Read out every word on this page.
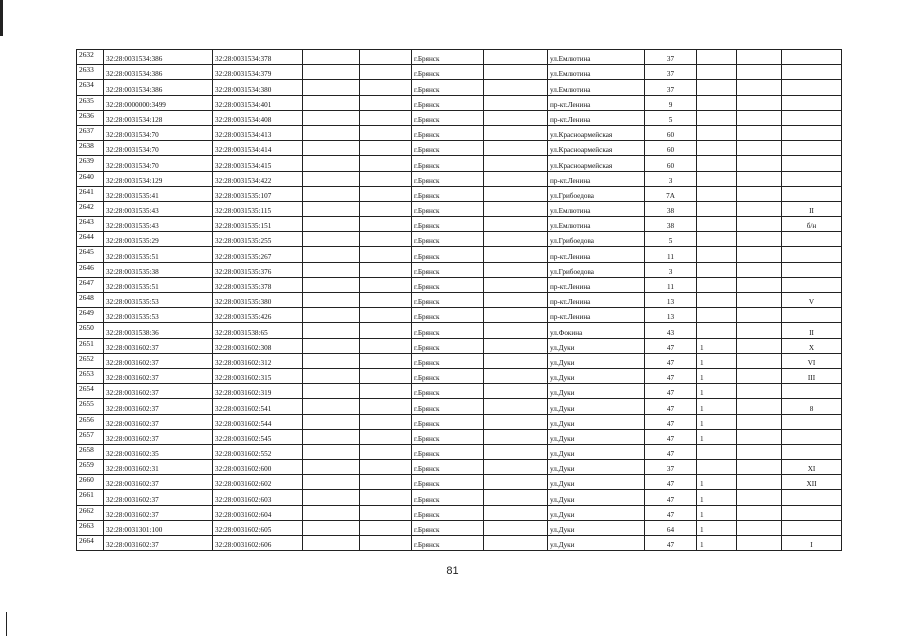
2632	32:28:0031534:386	32:28:0031534:378			г.Брянск		ул.Емлютина	37			
2633	32:28:0031534:386	32:28:0031534:379			г.Брянск		ул.Емлютина	37			
2634	32:28:0031534:386	32:28:0031534:380			г.Брянск		ул.Емлютина	37			
2635	32:28:0000000:3499	32:28:0031534:401			г.Брянск		пр-кт.Ленина	9			
2636	32:28:0031534:128	32:28:0031534:408			г.Брянск		пр-кт.Ленина	5			
2637	32:28:0031534:70	32:28:0031534:413			г.Брянск		ул.Красноармейская	60			
2638	32:28:0031534:70	32:28:0031534:414			г.Брянск		ул.Красноармейская	60			
2639	32:28:0031534:70	32:28:0031534:415			г.Брянск		ул.Красноармейская	60			
2640	32:28:0031534:129	32:28:0031534:422			г.Брянск		пр-кт.Ленина	3			
2641	32:28:0031535:41	32:28:0031535:107			г.Брянск		ул.Грибоедова	7А			
2642	32:28:0031535:43	32:28:0031535:115			г.Брянск		ул.Емлютина	38			II
2643	32:28:0031535:43	32:28:0031535:151			г.Брянск		ул.Емлютина	38			б/н
2644	32:28:0031535:29	32:28:0031535:255			г.Брянск		ул.Грибоедова	5			
2645	32:28:0031535:51	32:28:0031535:267			г.Брянск		пр-кт.Ленина	11			
2646	32:28:0031535:38	32:28:0031535:376			г.Брянск		ул.Грибоедова	3			
2647	32:28:0031535:51	32:28:0031535:378			г.Брянск		пр-кт.Ленина	11			
2648	32:28:0031535:53	32:28:0031535:380			г.Брянск		пр-кт.Ленина	13			V
2649	32:28:0031535:53	32:28:0031535:426			г.Брянск		пр-кт.Ленина	13			
2650	32:28:0031538:36	32:28:0031538:65			г.Брянск		ул.Фокина	43			II
2651	32:28:0031602:37	32:28:0031602:308			г.Брянск		ул.Дуки	47	1		X
2652	32:28:0031602:37	32:28:0031602:312			г.Брянск		ул.Дуки	47	1		VI
2653	32:28:0031602:37	32:28:0031602:315			г.Брянск		ул.Дуки	47	1		III
2654	32:28:0031602:37	32:28:0031602:319			г.Брянск		ул.Дуки	47	1		
2655	32:28:0031602:37	32:28:0031602:541			г.Брянск		ул.Дуки	47	1		8
2656	32:28:0031602:37	32:28:0031602:544			г.Брянск		ул.Дуки	47	1		
2657	32:28:0031602:37	32:28:0031602:545			г.Брянск		ул.Дуки	47	1		
2658	32:28:0031602:35	32:28:0031602:552			г.Брянск		ул.Дуки	47			
2659	32:28:0031602:31	32:28:0031602:600			г.Брянск		ул.Дуки	37			XI
2660	32:28:0031602:37	32:28:0031602:602			г.Брянск		ул.Дуки	47	1		XII
2661	32:28:0031602:37	32:28:0031602:603			г.Брянск		ул.Дуки	47	1		
2662	32:28:0031602:37	32:28:0031602:604			г.Брянск		ул.Дуки	47	1		
2663	32:28:0031301:100	32:28:0031602:605			г.Брянск		ул.Дуки	64	1		
2664	32:28:0031602:37	32:28:0031602:606			г.Брянск		ул.Дуки	47	1		I
81
